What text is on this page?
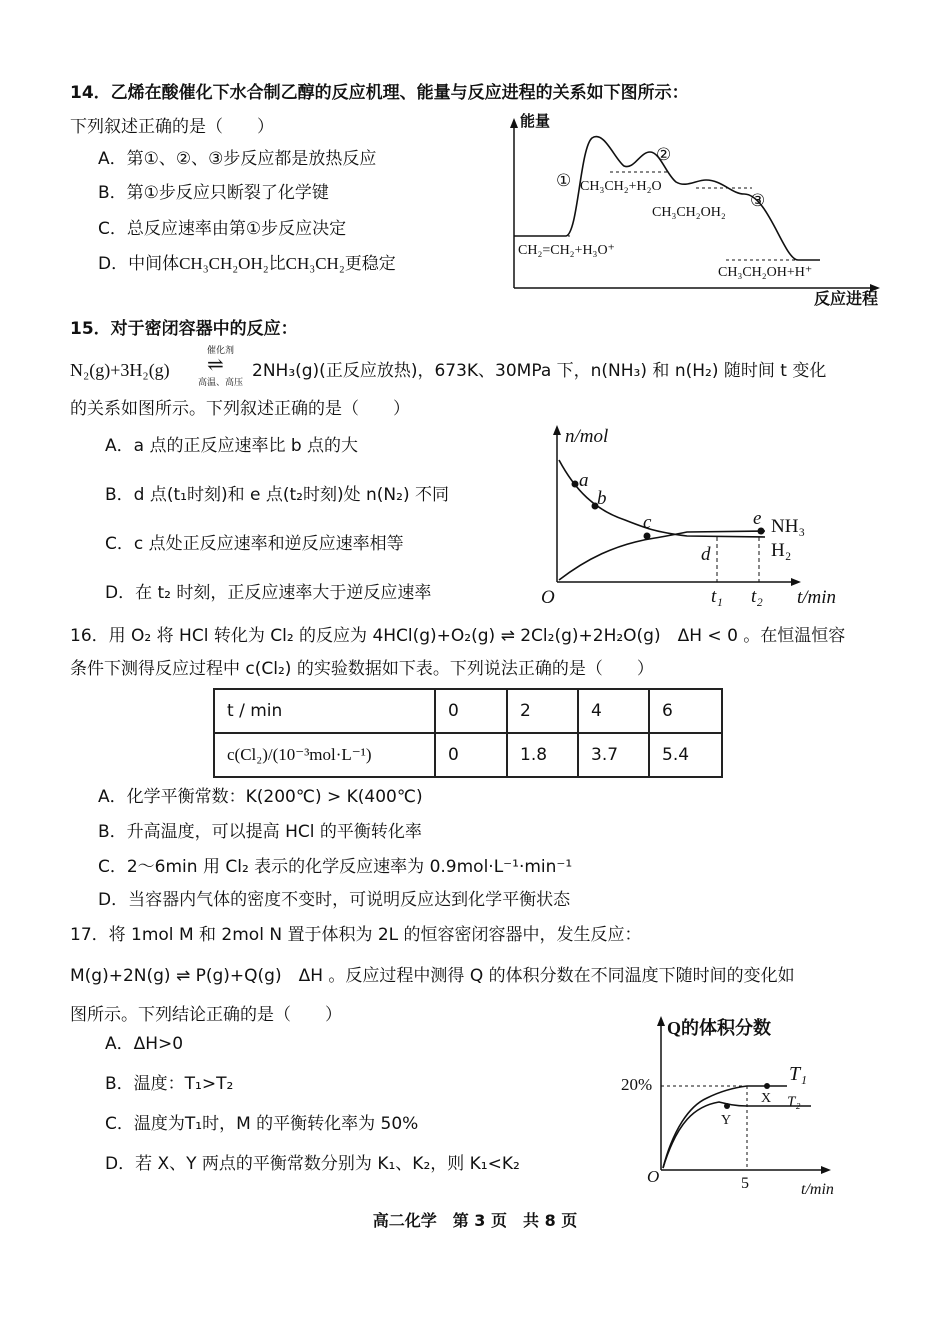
14．乙烯在酸催化下水合制乙醇的反应机理、能量与反应进程的关系如下图所示：
下列叙述正确的是（　　）
A．第①、②、③步反应都是放热反应
B．第①步反应只断裂了化学键
C．总反应速率由第①步反应决定
D．中间体CH₃CH₂OH₂比CH₃CH₂更稳定
能量
反应进程
①
②
③
CH₃CH₂+H₂O
CH₃CH₂OH₂
CH₂=CH₂+H₃O⁺
CH₃CH₂OH+H⁺
15．对于密闭容器中的反应：
N₂(g)+3H₂(g)
催化剂
⇌
高温、高压
2NH₃(g)(正反应放热)，673K、30MPa 下，n(NH₃) 和 n(H₂) 随时间 t 变化
的关系如图所示。下列叙述正确的是（　　）
A．a 点的正反应速率比 b 点的大
B．d 点(t₁时刻)和 e 点(t₂时刻)处 n(N₂) 不同
C．c 点处正反应速率和逆反应速率相等
D．在 t₂ 时刻，正反应速率大于逆反应速率
n/mol
t/min
O
a
b
c
d
e NH₃
H₂
t₁ t₂
16．用 O₂ 将 HCl 转化为 Cl₂ 的反应为 4HCl(g)+O₂(g) ⇌ 2Cl₂(g)+2H₂O(g)　ΔH < 0 。在恒温恒容
条件下测得反应过程中 c(Cl₂) 的实验数据如下表。下列说法正确的是（　　）
t / min	0	2	4	6
c(Cl₂)/(10⁻³mol·L⁻¹)	0	1.8	3.7	5.4
A．化学平衡常数：K(200℃) > K(400℃)
B．升高温度，可以提高 HCl 的平衡转化率
C．2～6min 用 Cl₂ 表示的化学反应速率为 0.9mol·L⁻¹·min⁻¹
D．当容器内气体的密度不变时，可说明反应达到化学平衡状态
17．将 1mol M 和 2mol N 置于体积为 2L 的恒容密闭容器中，发生反应：
M(g)+2N(g) ⇌ P(g)+Q(g)　ΔH 。反应过程中测得 Q 的体积分数在不同温度下随时间的变化如
图所示。下列结论正确的是（　　）
A．ΔH>0
B．温度：T₁>T₂
C．温度为T₁时，M 的平衡转化率为 50%
D．若 X、Y 两点的平衡常数分别为 K₁、K₂，则 K₁<K₂
Q的体积分数
20%
5	t/min
O
T₁
T₂
X
Y
高二化学　第 3 页　共 8 页
